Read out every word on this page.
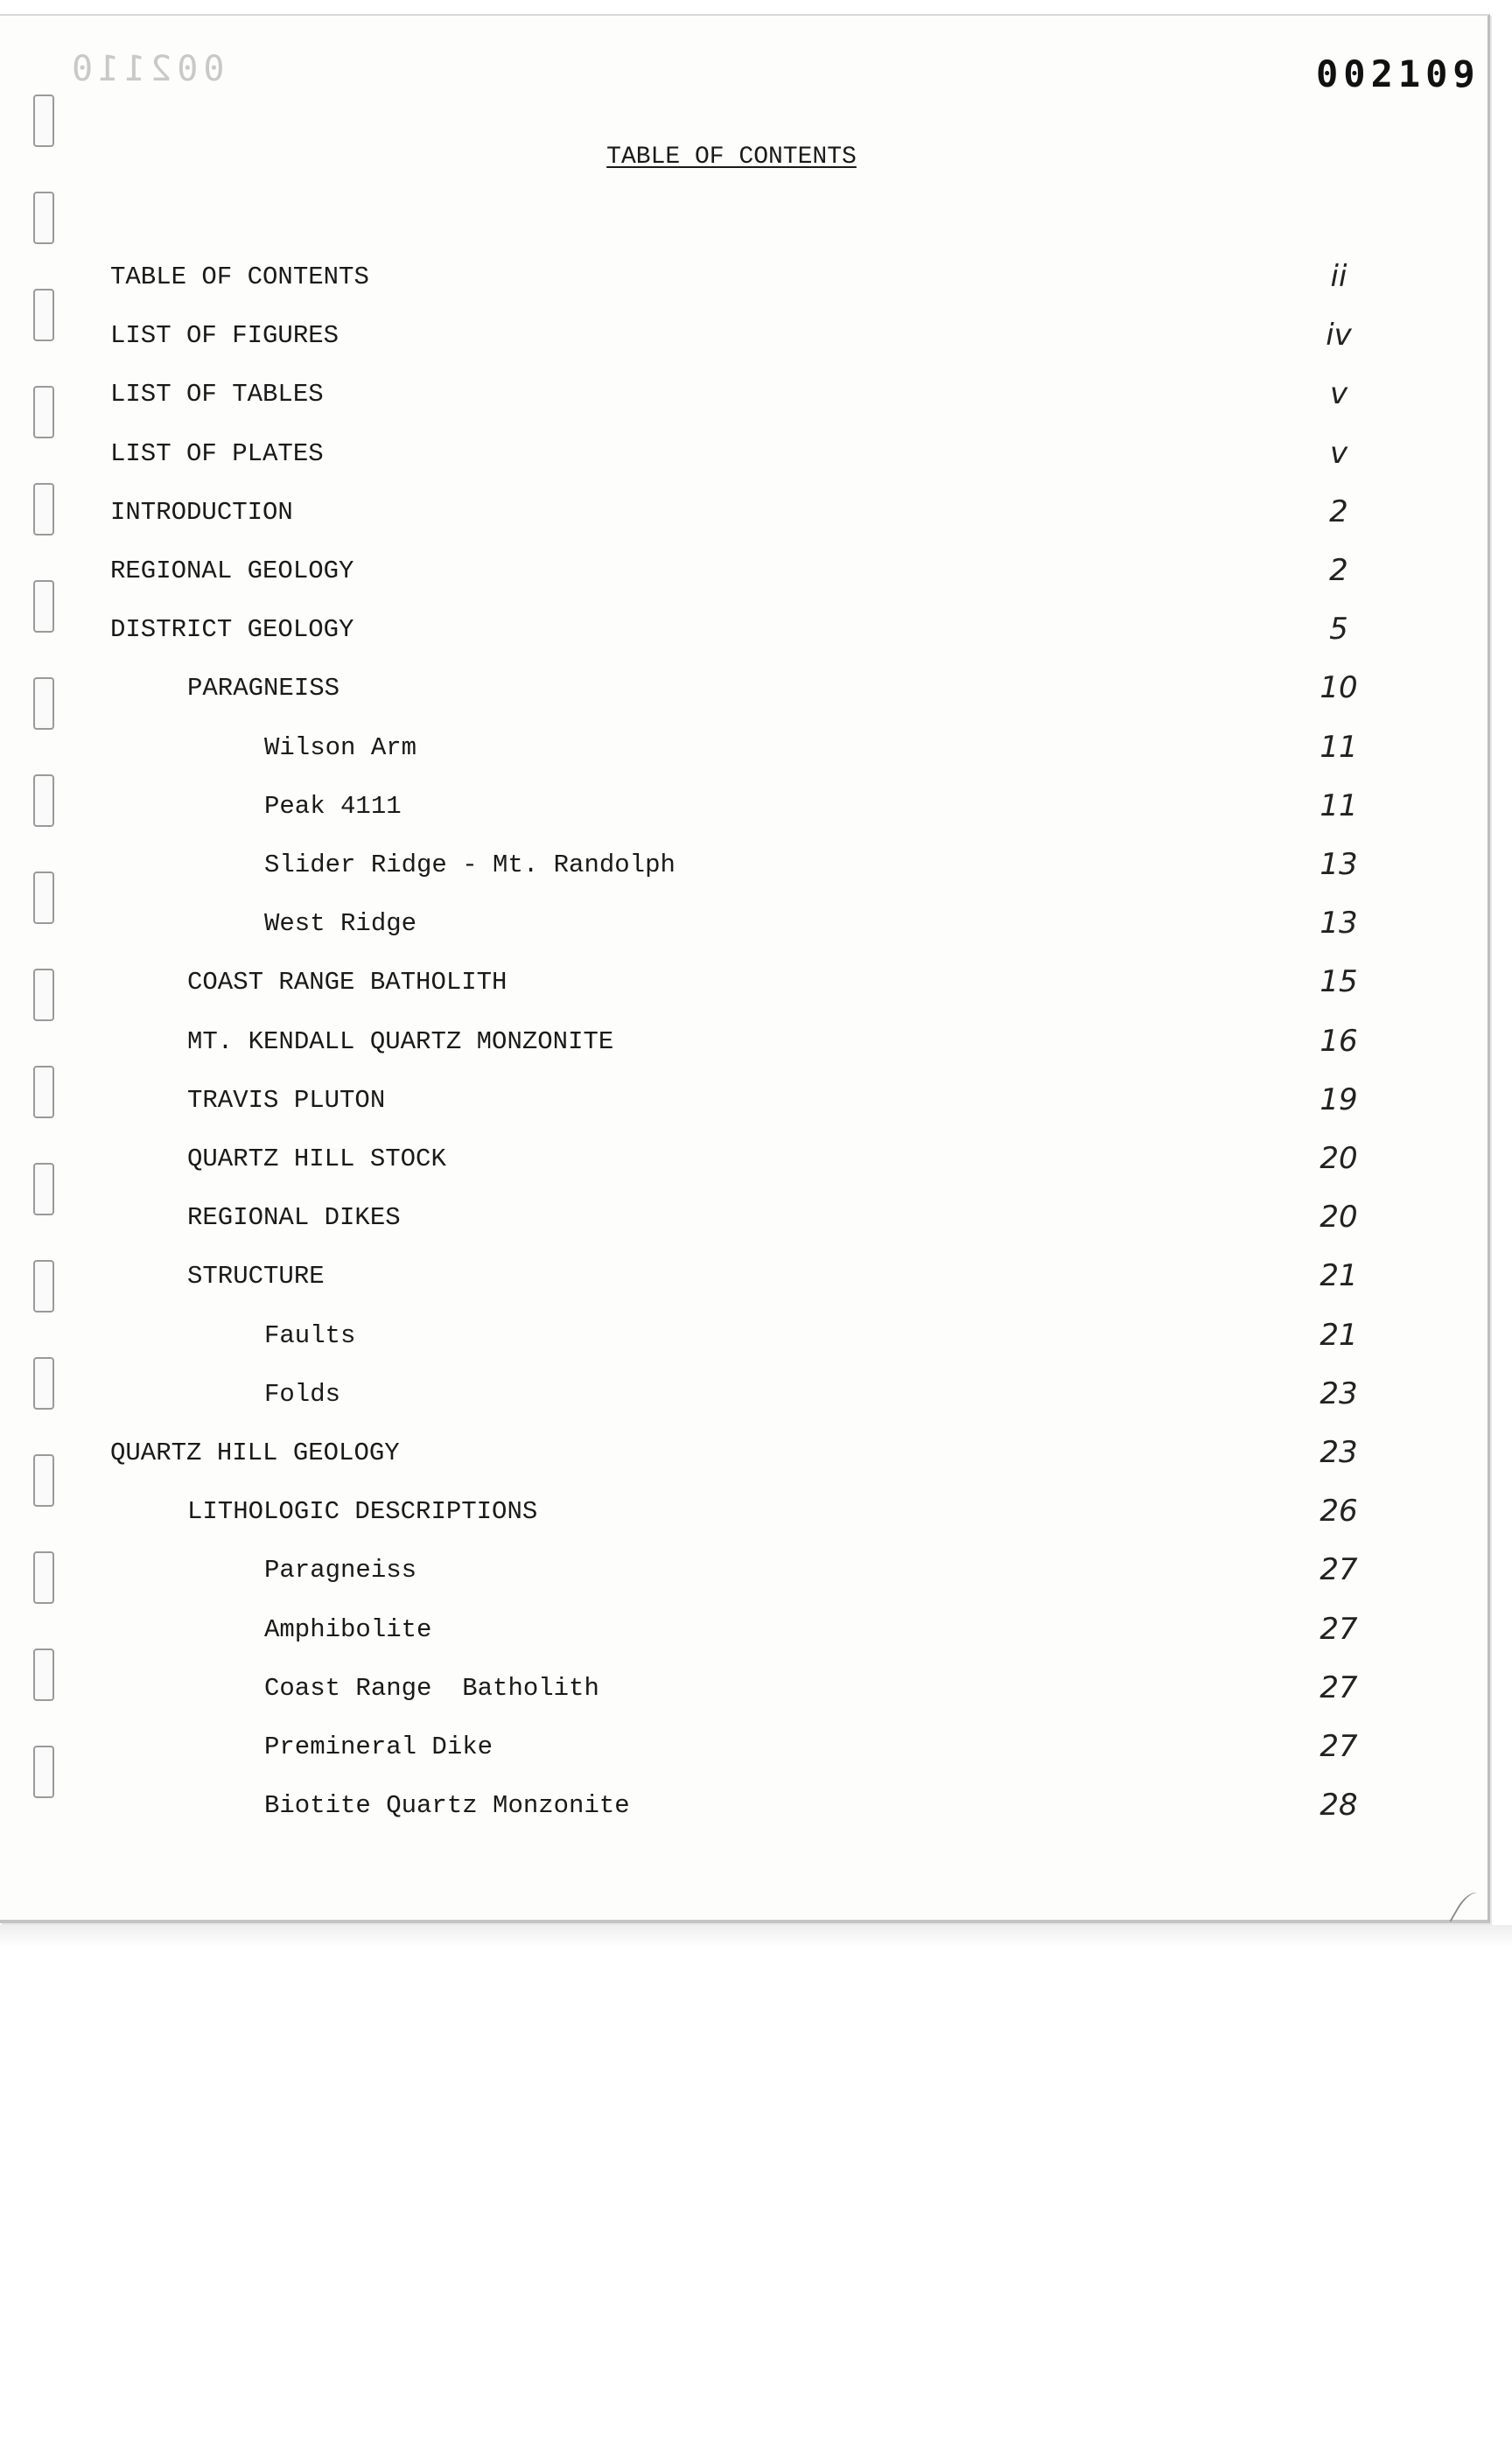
002110	002109
TABLE OF CONTENTS
TABLE OF CONTENTS	ii
LIST OF FIGURES	iv
LIST OF TABLES	v
LIST OF PLATES	v
INTRODUCTION	2
REGIONAL GEOLOGY	2
DISTRICT GEOLOGY	5
PARAGNEISS	10
Wilson Arm	11
Peak 4111	11
Slider Ridge - Mt. Randolph	13
West Ridge	13
COAST RANGE BATHOLITH	15
MT. KENDALL QUARTZ MONZONITE	16
TRAVIS PLUTON	19
QUARTZ HILL STOCK	20
REGIONAL DIKES	20
STRUCTURE	21
Faults	21
Folds	23
QUARTZ HILL GEOLOGY	23
LITHOLOGIC DESCRIPTIONS	26
Paragneiss	27
Amphibolite	27
Coast Range  Batholith	27
Premineral Dike	27
Biotite Quartz Monzonite	28
